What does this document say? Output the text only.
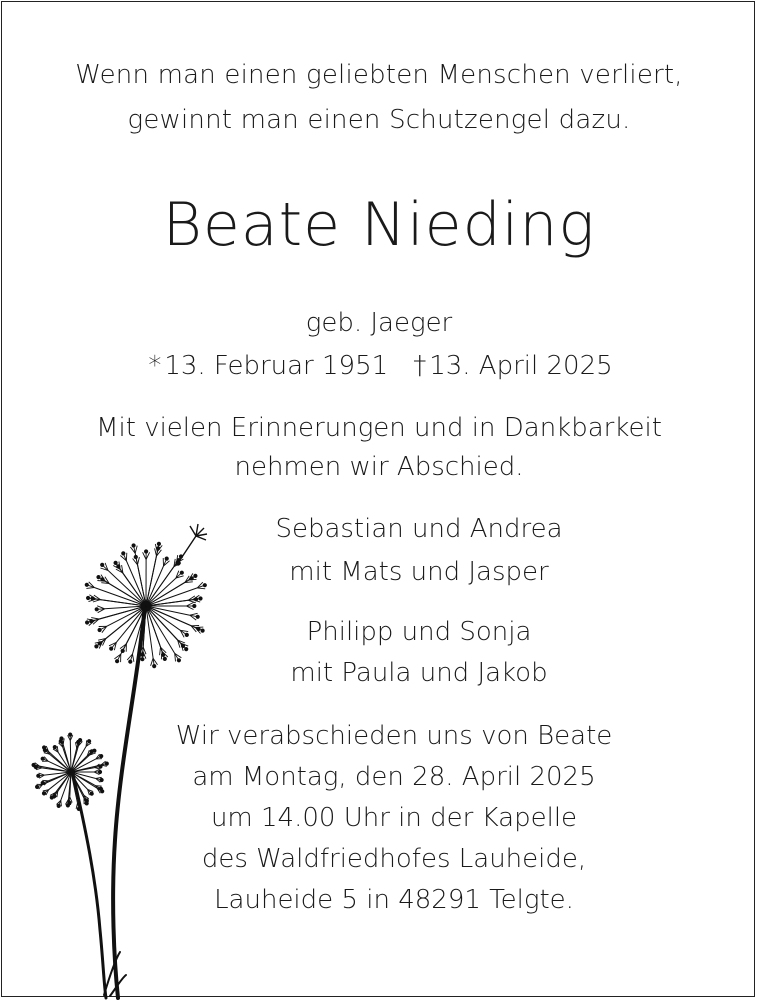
Wenn man einen geliebten Menschen verliert,
gewinnt man einen Schutzengel dazu.
Beate Nieding
geb. Jaeger
* 13. Februar 1951 † 13. April 2025
Mit vielen Erinnerungen und in Dankbarkeit
nehmen wir Abschied.
Sebastian und Andrea
mit Mats und Jasper
Philipp und Sonja
mit Paula und Jakob
Wir verabschieden uns von Beate
am Montag, den 28. April 2025
um 14.00 Uhr in der Kapelle
des Waldfriedhofes Lauheide,
Lauheide 5 in 48291 Telgte.
